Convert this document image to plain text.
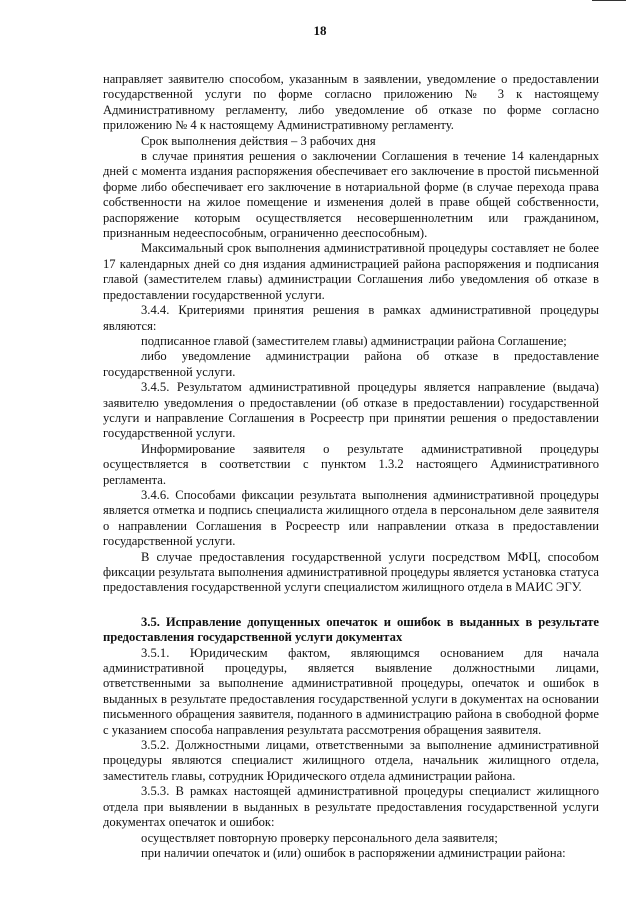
18

направляет заявителю способом, указанным в заявлении, уведомление о предоставлении государственной услуги по форме согласно приложению № 3 к настоящему Административному регламенту, либо уведомление об отказе по форме согласно приложению № 4 к настоящему Административному регламенту.

Срок выполнения действия – 3 рабочих дня

в случае принятия решения о заключении Соглашения в течение 14 календарных дней с момента издания распоряжения обеспечивает его заключение в простой письменной форме либо обеспечивает его заключение в нотариальной форме (в случае перехода права собственности на жилое помещение и изменения долей в праве общей собственности, распоряжение которым осуществляется несовершеннолетним или гражданином, признанным недееспособным, ограниченно дееспособным).

Максимальный срок выполнения административной процедуры составляет не более 17 календарных дней со дня издания администрацией района распоряжения и подписания главой (заместителем главы) администрации Соглашения либо уведомления об отказе в предоставлении государственной услуги.

3.4.4. Критериями принятия решения в рамках административной процедуры являются:

подписанное главой (заместителем главы) администрации района Соглашение;

либо уведомление администрации района об отказе в предоставление государственной услуги.

3.4.5. Результатом административной процедуры является направление (выдача) заявителю уведомления о предоставлении (об отказе в предоставлении) государственной услуги и направление Соглашения в Росреестр при принятии решения о предоставлении государственной услуги.

Информирование заявителя о результате административной процедуры осуществляется в соответствии с пунктом 1.3.2 настоящего Административного регламента.

3.4.6. Способами фиксации результата выполнения административной процедуры является отметка и подпись специалиста жилищного отдела в персональном деле заявителя о направлении Соглашения в Росреестр или направлении отказа в предоставлении государственной услуги.

В случае предоставления государственной услуги посредством МФЦ, способом фиксации результата выполнения административной процедуры является установка статуса предоставления государственной услуги специалистом жилищного отдела в МАИС ЭГУ.

3.5. Исправление допущенных опечаток и ошибок в выданных в результате предоставления государственной услуги документах

3.5.1. Юридическим фактом, являющимся основанием для начала административной процедуры, является выявление должностными лицами, ответственными за выполнение административной процедуры, опечаток и ошибок в выданных в результате предоставления государственной услуги в документах на основании письменного обращения заявителя, поданного в администрацию района в свободной форме с указанием способа направления результата рассмотрения обращения заявителя.

3.5.2. Должностными лицами, ответственными за выполнение административной процедуры являются специалист жилищного отдела, начальник жилищного отдела, заместитель главы, сотрудник Юридического отдела администрации района.

3.5.3. В рамках настоящей административной процедуры специалист жилищного отдела при выявлении в выданных в результате предоставления государственной услуги документах опечаток и ошибок:

осуществляет повторную проверку персонального дела заявителя;

при наличии опечаток и (или) ошибок в распоряжении администрации района:
